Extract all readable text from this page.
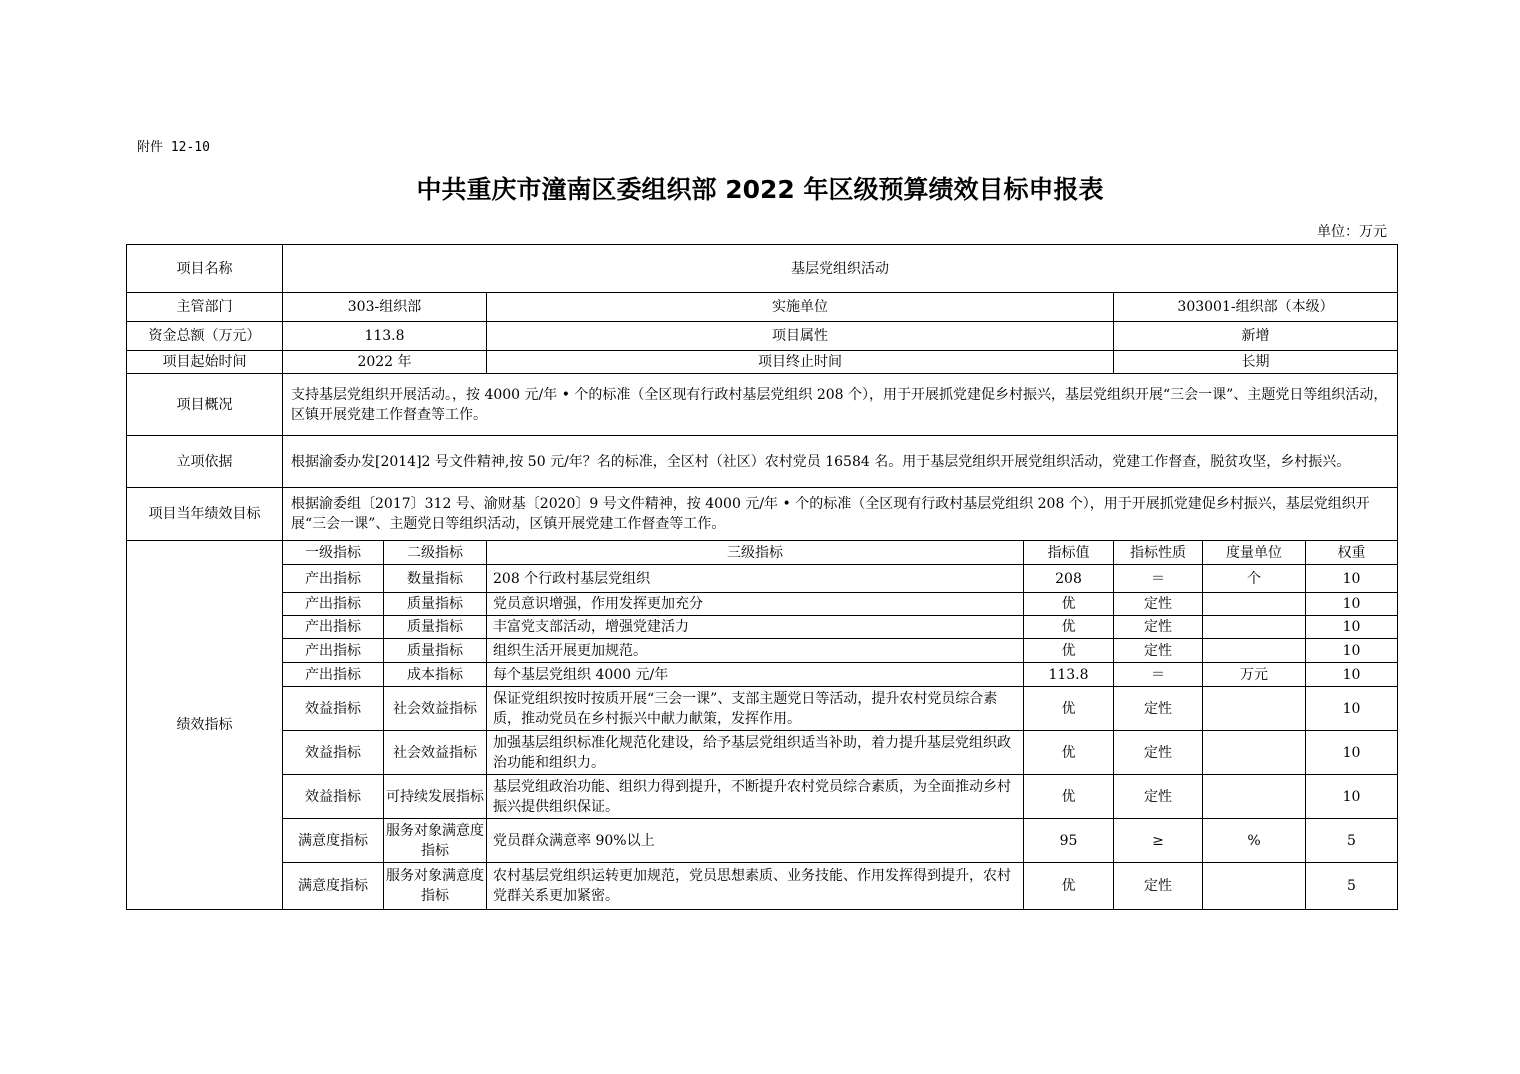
附件 12-10
中共重庆市潼南区委组织部 2022 年区级预算绩效目标申报表
单位：万元
项目名称	基层党组织活动						
主管部门	303-组织部		实施单位		303001-组织部（本级）		
资金总额（万元）	113.8		项目属性		新增		
项目起始时间	2022 年		项目终止时间		长期		
项目概况	支持基层党组织开展活动。，按 4000 元/年 • 个的标准（全区现有行政村基层党组织 208 个），用于开展抓党建促乡村振兴，基层党组织开展“三会一课”、主题党日等组织活动，区镇开展党建工作督查等工作。						
立项依据	根据渝委办发[2014]2 号文件精神,按 50 元/年？名的标准，全区村（社区）农村党员 16584 名。用于基层党组织开展党组织活动，党建工作督查，脱贫攻坚，乡村振兴。						
项目当年绩效目标	根据渝委组〔2017〕312 号、渝财基〔2020〕9 号文件精神，按 4000 元/年 • 个的标准（全区现有行政村基层党组织 208 个），用于开展抓党建促乡村振兴，基层党组织开展“三会一课”、主题党日等组织活动，区镇开展党建工作督查等工作。						
绩效指标	一级指标	二级指标	三级指标	指标值	指标性质	度量单位	权重
	产出指标	数量指标	208 个行政村基层党组织	208	＝	个	10
	产出指标	质量指标	党员意识增强，作用发挥更加充分	优	定性		10
	产出指标	质量指标	丰富党支部活动，增强党建活力	优	定性		10
	产出指标	质量指标	组织生活开展更加规范。	优	定性		10
	产出指标	成本指标	每个基层党组织 4000 元/年	113.8	＝	万元	10
	效益指标	社会效益指标	保证党组织按时按质开展“三会一课”、支部主题党日等活动，提升农村党员综合素质，推动党员在乡村振兴中献力献策，发挥作用。	优	定性		10
	效益指标	社会效益指标	加强基层组织标准化规范化建设，给予基层党组织适当补助，着力提升基层党组织政治功能和组织力。	优	定性		10
	效益指标	可持续发展指标	基层党组政治功能、组织力得到提升，不断提升农村党员综合素质，为全面推动乡村振兴提供组织保证。	优	定性		10
	满意度指标	服务对象满意度指标	党员群众满意率 90%以上	95	≥	%	5
	满意度指标	服务对象满意度指标	农村基层党组织运转更加规范，党员思想素质、业务技能、作用发挥得到提升，农村党群关系更加紧密。	优	定性		5
